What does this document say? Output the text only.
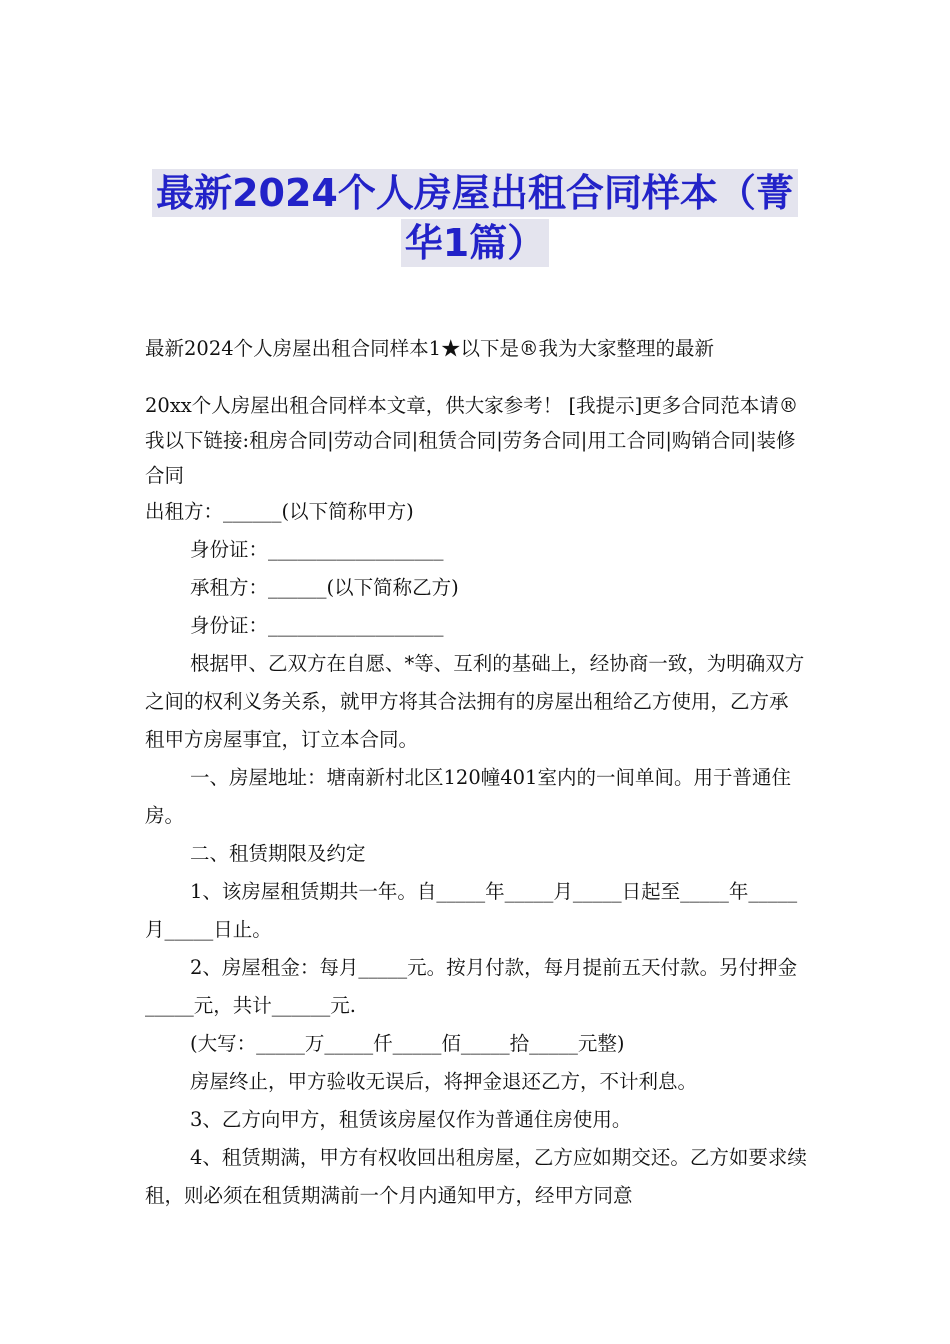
最新2024个人房屋出租合同样本（菁
华1篇）

最新2024个人房屋出租合同样本1★以下是®我为大家整理的最新

20xx个人房屋出租合同样本文章，供大家参考！ [我提示]更多合同范本请®我以下链接:租房合同|劳动合同|租赁合同|劳务合同|用工合同|购销合同|装修合同

出租方：______(以下简称甲方)

身份证：__________________

承租方：______(以下简称乙方)

身份证：__________________

根据甲、乙双方在自愿、*等、互利的基础上，经协商一致，为明确双方之间的权利义务关系，就甲方将其合法拥有的房屋出租给乙方使用，乙方承租甲方房屋事宜，订立本合同。

一、房屋地址：塘南新村北区120幢401室内的一间单间。用于普通住房。

二、租赁期限及约定

1、该房屋租赁期共一年。自_____年_____月_____日起至_____年_____月_____日止。

2、房屋租金：每月_____元。按月付款，每月提前五天付款。另付押金_____元，共计______元.

(大写：_____万_____仟_____佰_____拾_____元整)

房屋终止，甲方验收无误后，将押金退还乙方，不计利息。

3、乙方向甲方，租赁该房屋仅作为普通住房使用。

4、租赁期满，甲方有权收回出租房屋，乙方应如期交还。乙方如要求续租，则必须在租赁期满前一个月内通知甲方，经甲方同意
